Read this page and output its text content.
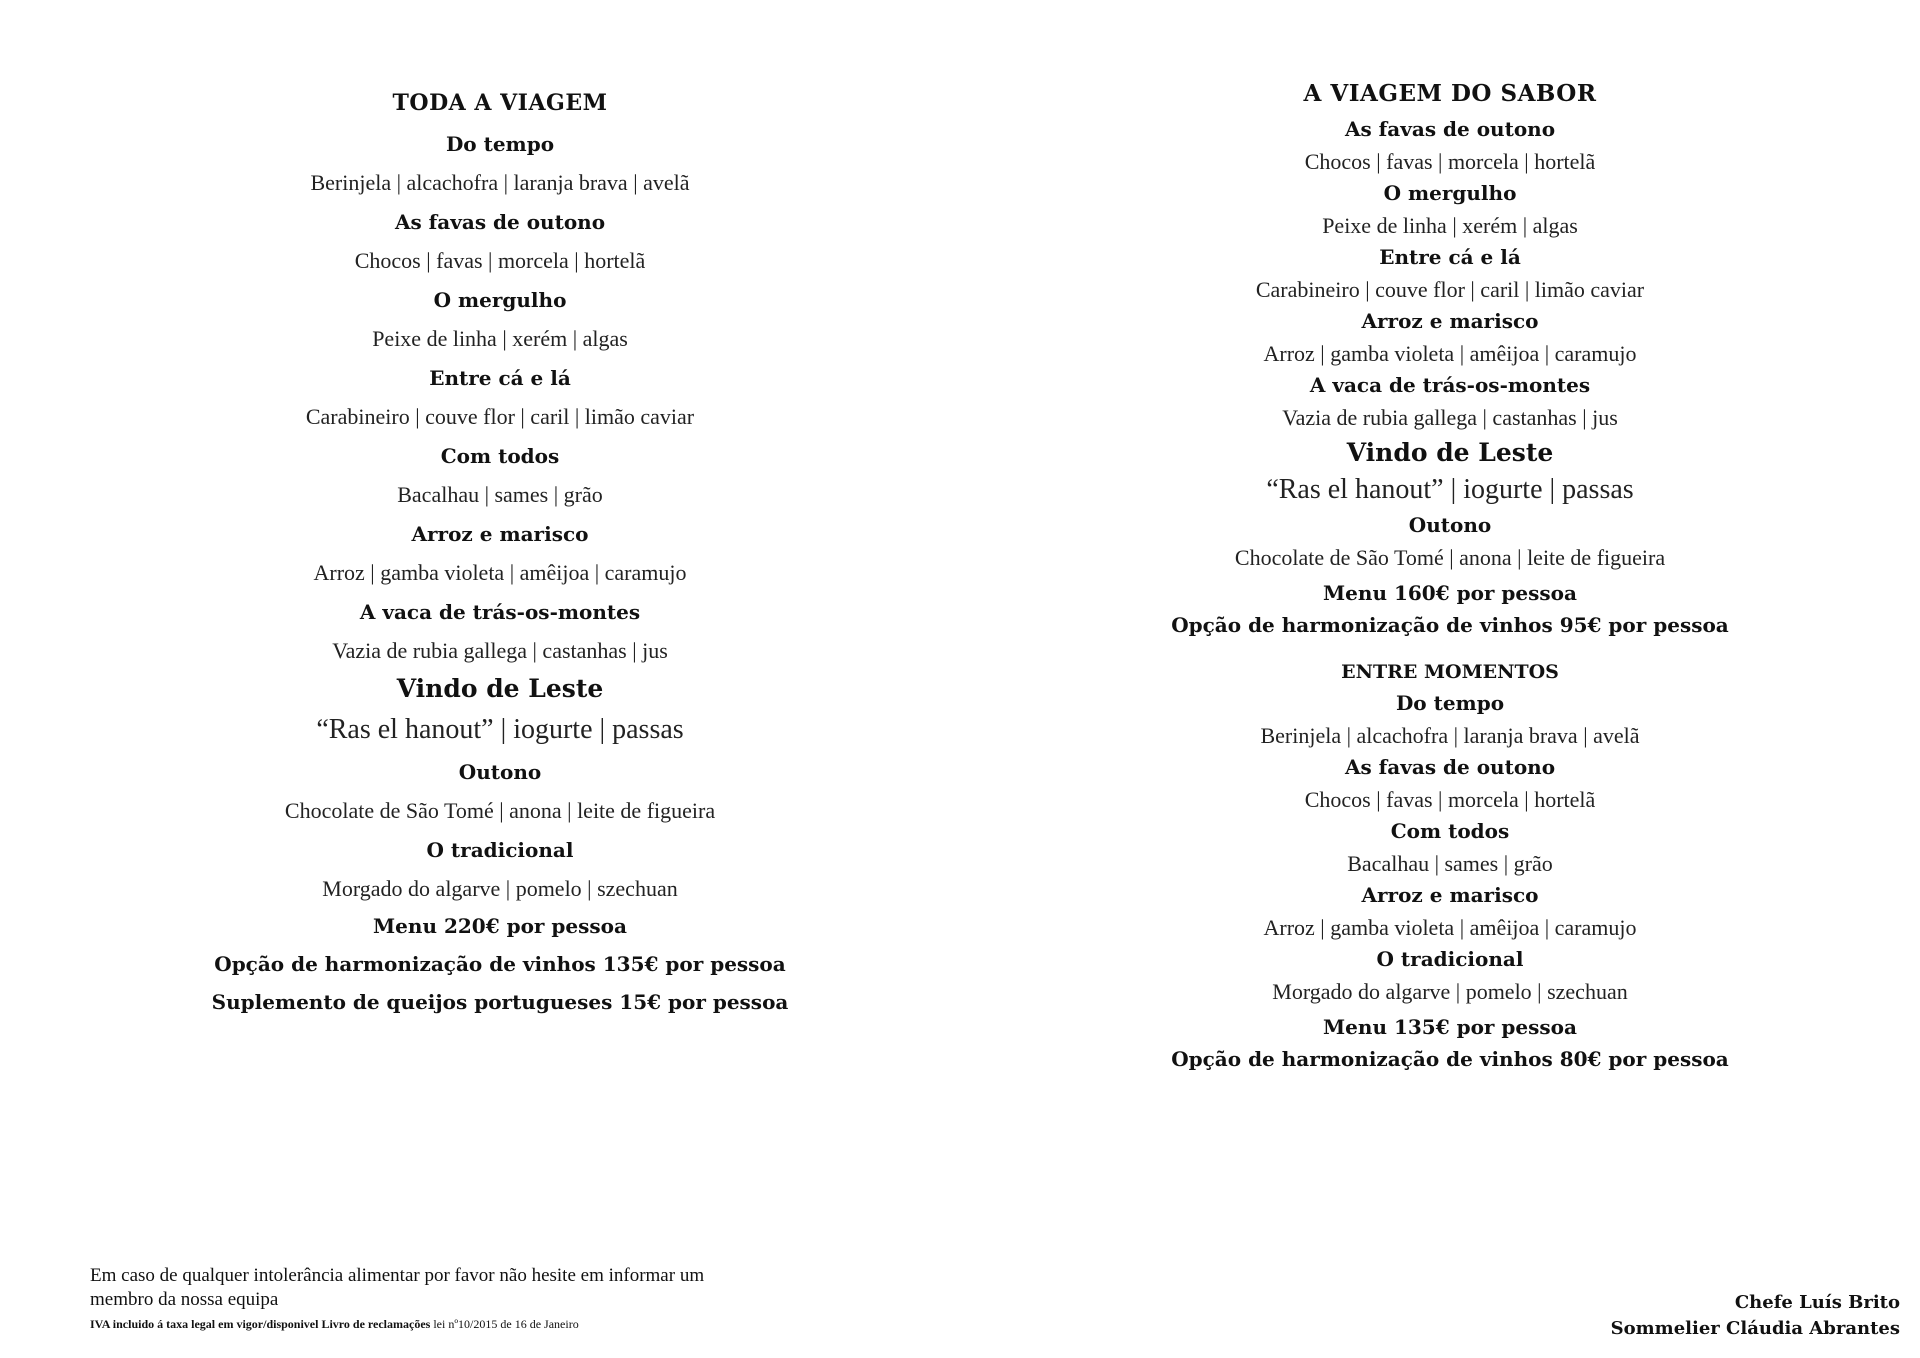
TODA A VIAGEM
Do tempo
Berinjela | alcachofra | laranja brava | avelã
As favas de outono
Chocos | favas | morcela | hortelã
O mergulho
Peixe de linha | xerém | algas
Entre cá e lá
Carabineiro | couve flor | caril | limão caviar
Com todos
Bacalhau | sames | grão
Arroz e marisco
Arroz | gamba violeta | amêijoa | caramujo
A vaca de trás-os-montes
Vazia de rubia gallega | castanhas | jus
Vindo de Leste
“Ras el hanout” | iogurte | passas
Outono
Chocolate de São Tomé | anona | leite de figueira
O tradicional
Morgado do algarve | pomelo | szechuan
Menu 220€ por pessoa
Opção de harmonização de vinhos 135€ por pessoa
Suplemento de queijos portugueses 15€ por pessoa
A VIAGEM DO SABOR
As favas de outono
Chocos | favas | morcela | hortelã
O mergulho
Peixe de linha | xerém | algas
Entre cá e lá
Carabineiro | couve flor | caril | limão caviar
Arroz e marisco
Arroz | gamba violeta | amêijoa | caramujo
A vaca de trás-os-montes
Vazia de rubia gallega | castanhas | jus
Vindo de Leste
“Ras el hanout” | iogurte | passas
Outono
Chocolate de São Tomé | anona | leite de figueira
Menu 160€ por pessoa
Opção de harmonização de vinhos 95€ por pessoa
ENTRE MOMENTOS
Do tempo
Berinjela | alcachofra | laranja brava | avelã
As favas de outono
Chocos | favas | morcela | hortelã
Com todos
Bacalhau | sames | grão
Arroz e marisco
Arroz | gamba violeta | amêijoa | caramujo
O tradicional
Morgado do algarve | pomelo | szechuan
Menu 135€ por pessoa
Opção de harmonização de vinhos 80€ por pessoa
Em caso de qualquer intolerância alimentar por favor não hesite em informar um membro da nossa equipa
IVA incluido á taxa legal em vigor/disponivel Livro de reclamações lei nº10/2015 de 16 de Janeiro
Chefe Luís Brito
Sommelier Cláudia Abrantes
